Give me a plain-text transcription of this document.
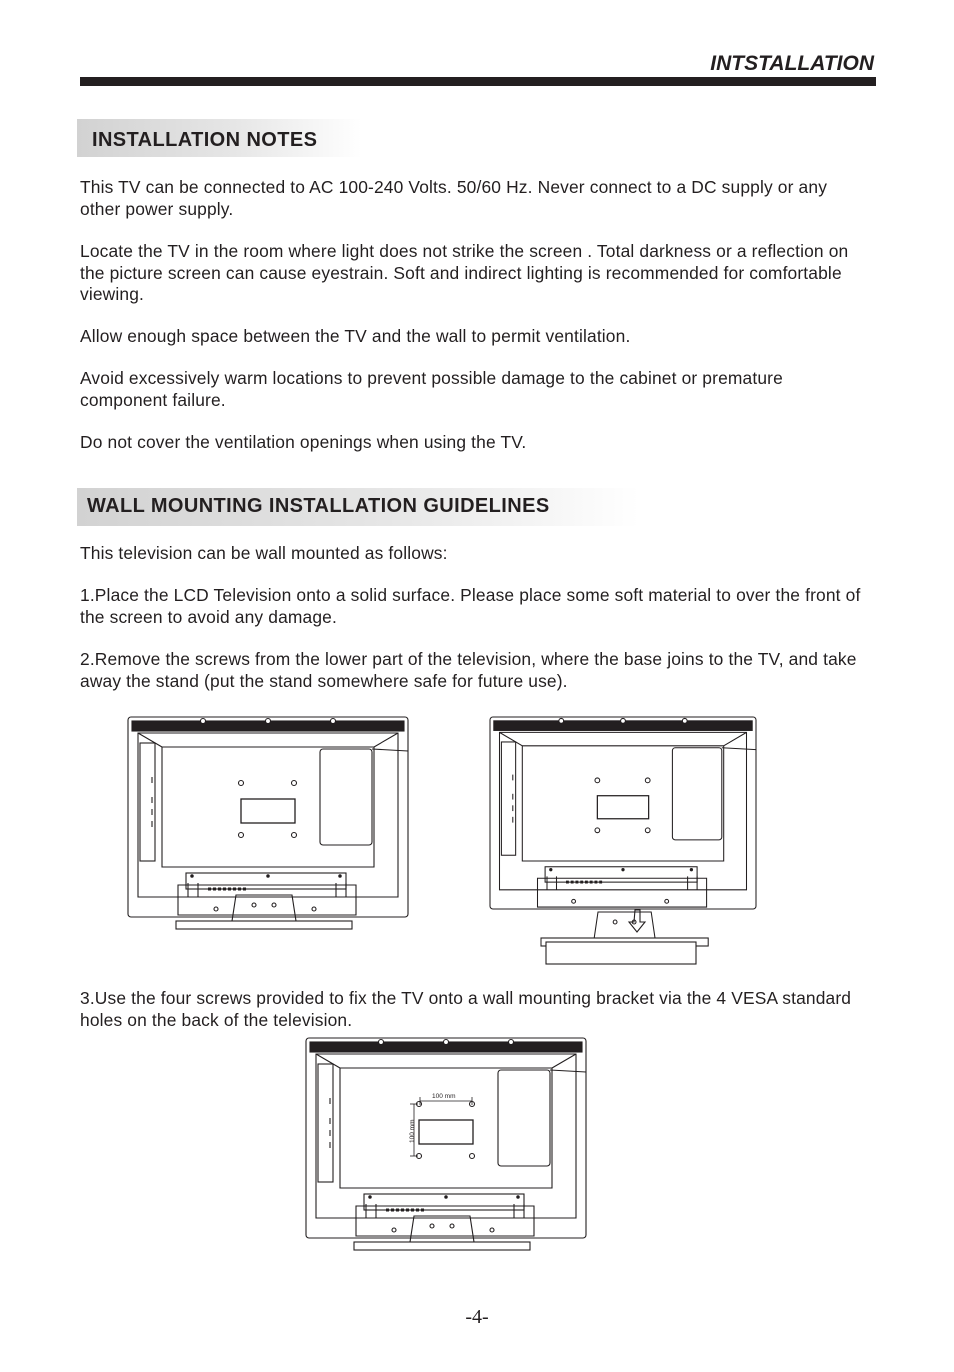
INTSTALLATION
INSTALLATION NOTES
This TV can be connected to AC 100-240 Volts. 50/60 Hz. Never connect to a DC supply or any other power supply.
Locate the TV in the room where light does not strike the screen . Total darkness or a reflection on the picture screen can cause eyestrain. Soft and indirect lighting is recommended for comfortable viewing.
Allow enough space between the TV and the wall to permit ventilation.
Avoid excessively warm locations to prevent possible damage to the cabinet or premature component failure.
Do not cover the ventilation openings when using the TV.
WALL MOUNTING INSTALLATION GUIDELINES
This television can be wall mounted as follows:
1.Place the LCD Television onto a solid surface. Please place some soft material to over the front of the screen to avoid any damage.
2.Remove the screws from the lower part of the television, where the base joins to the TV, and take away the stand (put the stand somewhere safe for future use).
100 mm
100 mm
3.Use the four screws provided to fix the TV onto a wall mounting bracket via the 4 VESA standard holes on the back of the television.
-4-
